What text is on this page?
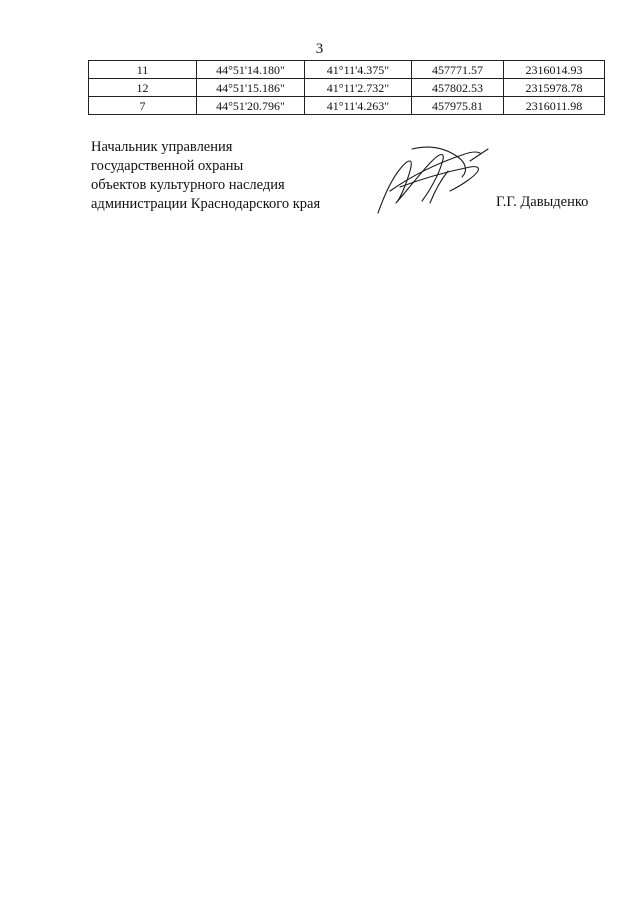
3
11	44°51'14.180"	41°11'4.375"	457771.57	2316014.93
12	44°51'15.186"	41°11'2.732"	457802.53	2315978.78
7	44°51'20.796"	41°11'4.263"	457975.81	2316011.98
Начальник управления
государственной охраны
объектов культурного наследия
администрации Краснодарского края	Г.Г. Давыденко
